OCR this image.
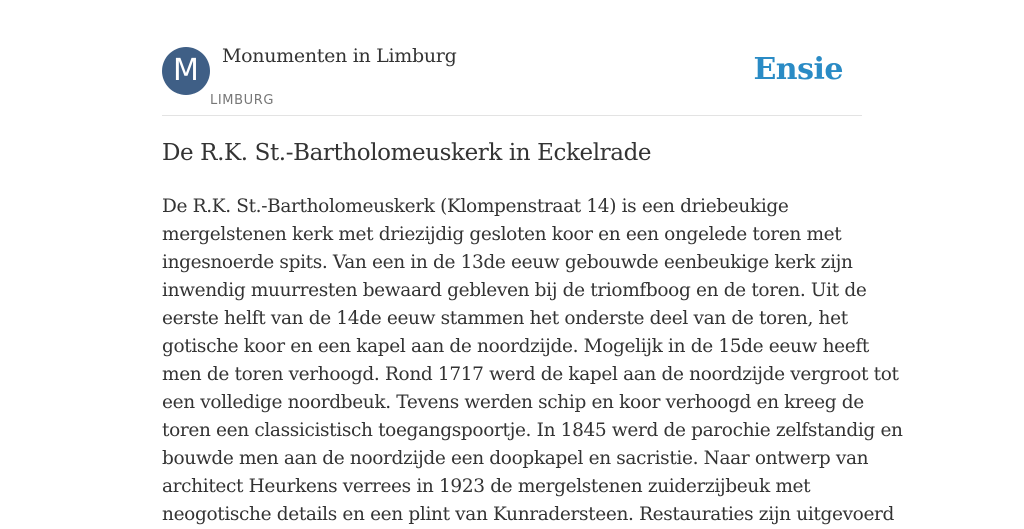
M	Monumenten in Limburg
LIMBURG
Ensie
De R.K. St.-Bartholomeuskerk in Eckelrade

De R.K. St.-Bartholomeuskerk (Klompenstraat 14) is een driebeukige
mergelstenen kerk met driezijdig gesloten koor en een ongelede toren met
ingesnoerde spits. Van een in de 13de eeuw gebouwde eenbeukige kerk zijn
inwendig muurresten bewaard gebleven bij de triomfboog en de toren. Uit de
eerste helft van de 14de eeuw stammen het onderste deel van de toren, het
gotische koor en een kapel aan de noordzijde. Mogelijk in de 15de eeuw heeft
men de toren verhoogd. Rond 1717 werd de kapel aan de noordzijde vergroot tot
een volledige noordbeuk. Tevens werden schip en koor verhoogd en kreeg de
toren een classicistisch toegangspoortje. In 1845 werd de parochie zelfstandig en
bouwde men aan de noordzijde een doopkapel en sacristie. Naar ontwerp van
architect Heurkens verrees in 1923 de mergelstenen zuiderzijbeuk met
neogotische details en een plint van Kunradersteen. Restauraties zijn uitgevoerd
